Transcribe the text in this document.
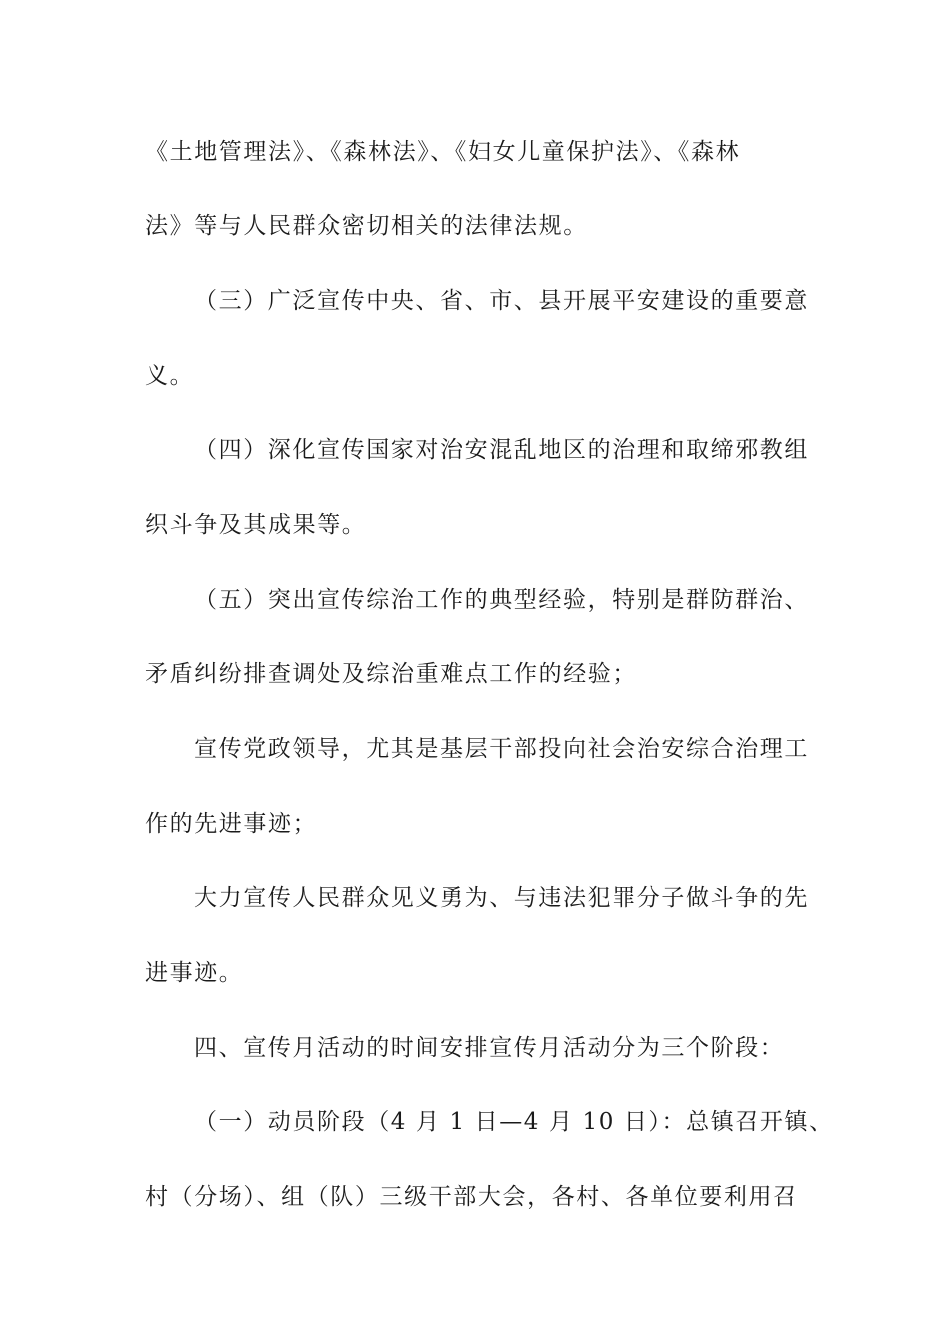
《土地管理法》、《森林法》、《妇女儿童保护法》、《森林
法》等与人民群众密切相关的法律法规。
（三）广泛宣传中央、省、市、县开展平安建设的重要意
义。
（四）深化宣传国家对治安混乱地区的治理和取缔邪教组
织斗争及其成果等。
（五）突出宣传综治工作的典型经验，特别是群防群治、
矛盾纠纷排查调处及综治重难点工作的经验；
宣传党政领导，尤其是基层干部投向社会治安综合治理工
作的先进事迹；
大力宣传人民群众见义勇为、与违法犯罪分子做斗争的先
进事迹。
四、宣传月活动的时间安排宣传月活动分为三个阶段：
（一）动员阶段（4 月 1 日—4 月 10 日）：总镇召开镇、
村（分场）、组（队）三级干部大会，各村、各单位要利用召
